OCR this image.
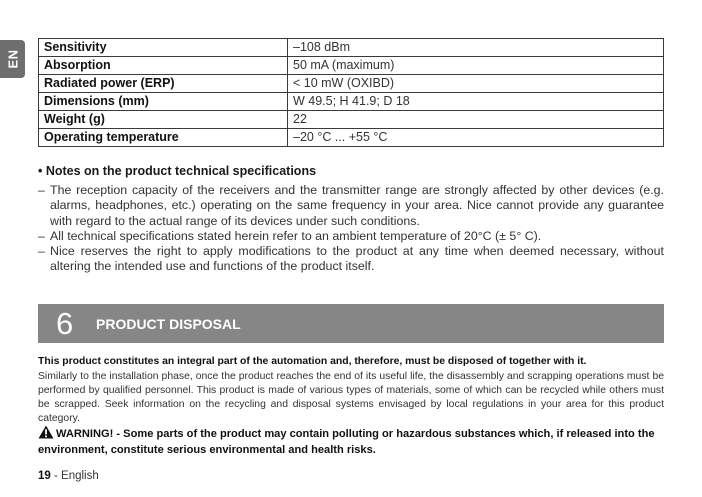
EN
Sensitivity	–108 dBm
Absorption	50 mA (maximum)
Radiated power (ERP)	< 10 mW (OXIBD)
Dimensions (mm)	W 49.5; H 41.9; D 18
Weight (g)	22
Operating temperature	–20 °C ... +55 °C
• Notes on the product technical specifications
– The reception capacity of the receivers and the transmitter range are strongly affected by other devices (e.g. alarms, headphones, etc.) operating on the same frequency in your area. Nice cannot provide any guarantee with regard to the actual range of its devices under such conditions.
– All technical specifications stated herein refer to an ambient temperature of 20°C (± 5° C).
– Nice reserves the right to apply modifications to the product at any time when deemed necessary, without altering the intended use and functions of the product itself.
6 PRODUCT DISPOSAL
This product constitutes an integral part of the automation and, therefore, must be disposed of together with it.
Similarly to the installation phase, once the product reaches the end of its useful life, the disassembly and scrapping operations must be performed by qualified personnel. This product is made of various types of materials, some of which can be recycled while others must be scrapped. Seek information on the recycling and disposal systems envisaged by local regulations in your area for this product category.
WARNING! - Some parts of the product may contain polluting or hazardous substances which, if released into the environment, constitute serious environmental and health risks.
19 - English
